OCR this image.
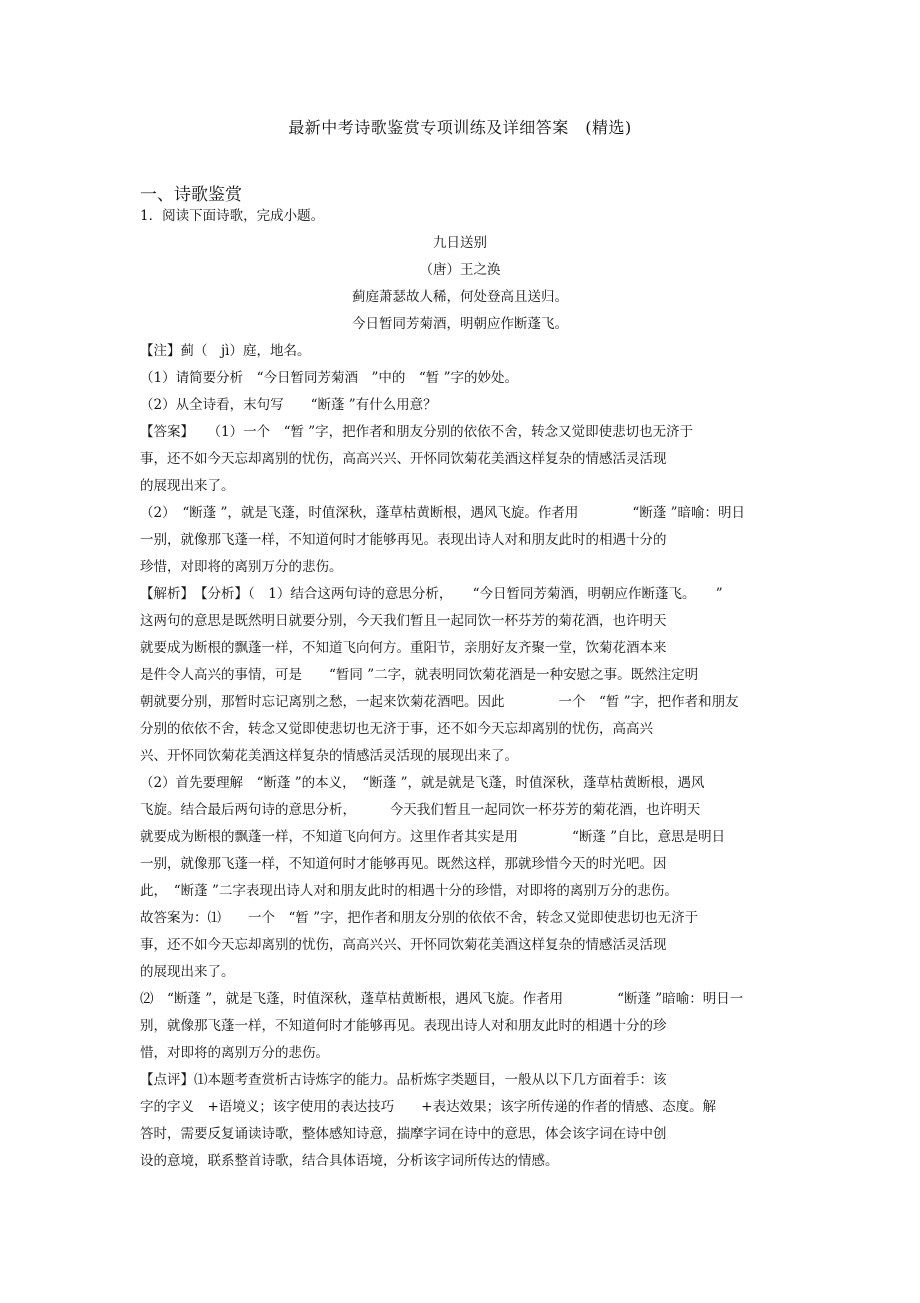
最新中考诗歌鉴赏专项训练及详细答案　(精选)
一、诗歌鉴赏
1．阅读下面诗歌，完成小题。
九日送别
（唐）王之涣
蓟庭萧瑟故人稀，何处登高且送归。
今日暂同芳菊酒，明朝应作断蓬飞。
【注】蓟（　jì）庭，地名。
（1）请简要分析　“今日暂同芳菊酒　”中的　“暂 ”字的妙处。
（2）从全诗看，末句写　　“断蓬 ”有什么用意？
【答案】　　（1）一个　“暂 ”字，把作者和朋友分别的依依不舍，转念又觉即使悲切也无济于
事，还不如今天忘却离别的忧伤，高高兴兴、开怀同饮菊花美酒这样复杂的情感活灵活现
的展现出来了。
（2）　“断蓬 ”，就是飞蓬，时值深秋，蓬草枯黄断根，遇风飞旋。作者用　　　　“断蓬 ”暗喻：明日
一别，就像那飞蓬一样，不知道何时才能够再见。表现出诗人对和朋友此时的相遇十分的
珍惜，对即将的离别万分的悲伤。
【解析】　【分析】（　1）结合这两句诗的意思分析，　　“今日暂同芳菊酒，明朝应作断蓬飞。　　”
这两句的意思是既然明日就要分别，今天我们暂且一起同饮一杯芬芳的菊花酒，也许明天
就要成为断根的飘蓬一样，不知道飞向何方。重阳节，亲朋好友齐聚一堂，饮菊花酒本来
是件令人高兴的事情，可是　　“暂同 ”二字，就表明同饮菊花酒是一种安慰之事。既然注定明
朝就要分别，那暂时忘记离别之愁，一起来饮菊花酒吧。因此　　　　一个　“暂 ”字，把作者和朋友
分别的依依不舍，转念又觉即使悲切也无济于事，还不如今天忘却离别的忧伤，高高兴
兴、开怀同饮菊花美酒这样复杂的情感活灵活现的展现出来了。
（2）首先要理解　“断蓬 ”的本义，　“断蓬 ”，就是就是飞蓬，时值深秋，蓬草枯黄断根，遇风
飞旋。结合最后两句诗的意思分析，　　　今天我们暂且一起同饮一杯芬芳的菊花酒，也许明天
就要成为断根的飘蓬一样，不知道飞向何方。这里作者其实是用　　　　“断蓬 ”自比，意思是明日
一别，就像那飞蓬一样，不知道何时才能够再见。既然这样，那就珍惜今天的时光吧。因
此，　“断蓬 ”二字表现出诗人对和朋友此时的相遇十分的珍惜，对即将的离别万分的悲伤。
故答案为：⑴　　一个　“暂 ”字，把作者和朋友分别的依依不舍，转念又觉即使悲切也无济于
事，还不如今天忘却离别的忧伤，高高兴兴、开怀同饮菊花美酒这样复杂的情感活灵活现
的展现出来了。
⑵　“断蓬 ”，就是飞蓬，时值深秋，蓬草枯黄断根，遇风飞旋。作者用　　　　“断蓬 ”暗喻：明日一
别，就像那飞蓬一样，不知道何时才能够再见。表现出诗人对和朋友此时的相遇十分的珍
惜，对即将的离别万分的悲伤。
【点评】⑴本题考查赏析古诗炼字的能力。品析炼字类题目，一般从以下几方面着手：该
字的字义　+语境义；该字使用的表达技巧　　+表达效果；该字所传递的作者的情感、态度。解
答时，需要反复诵读诗歌，整体感知诗意，揣摩字词在诗中的意思，体会该字词在诗中创
设的意境，联系整首诗歌，结合具体语境，分析该字词所传达的情感。
